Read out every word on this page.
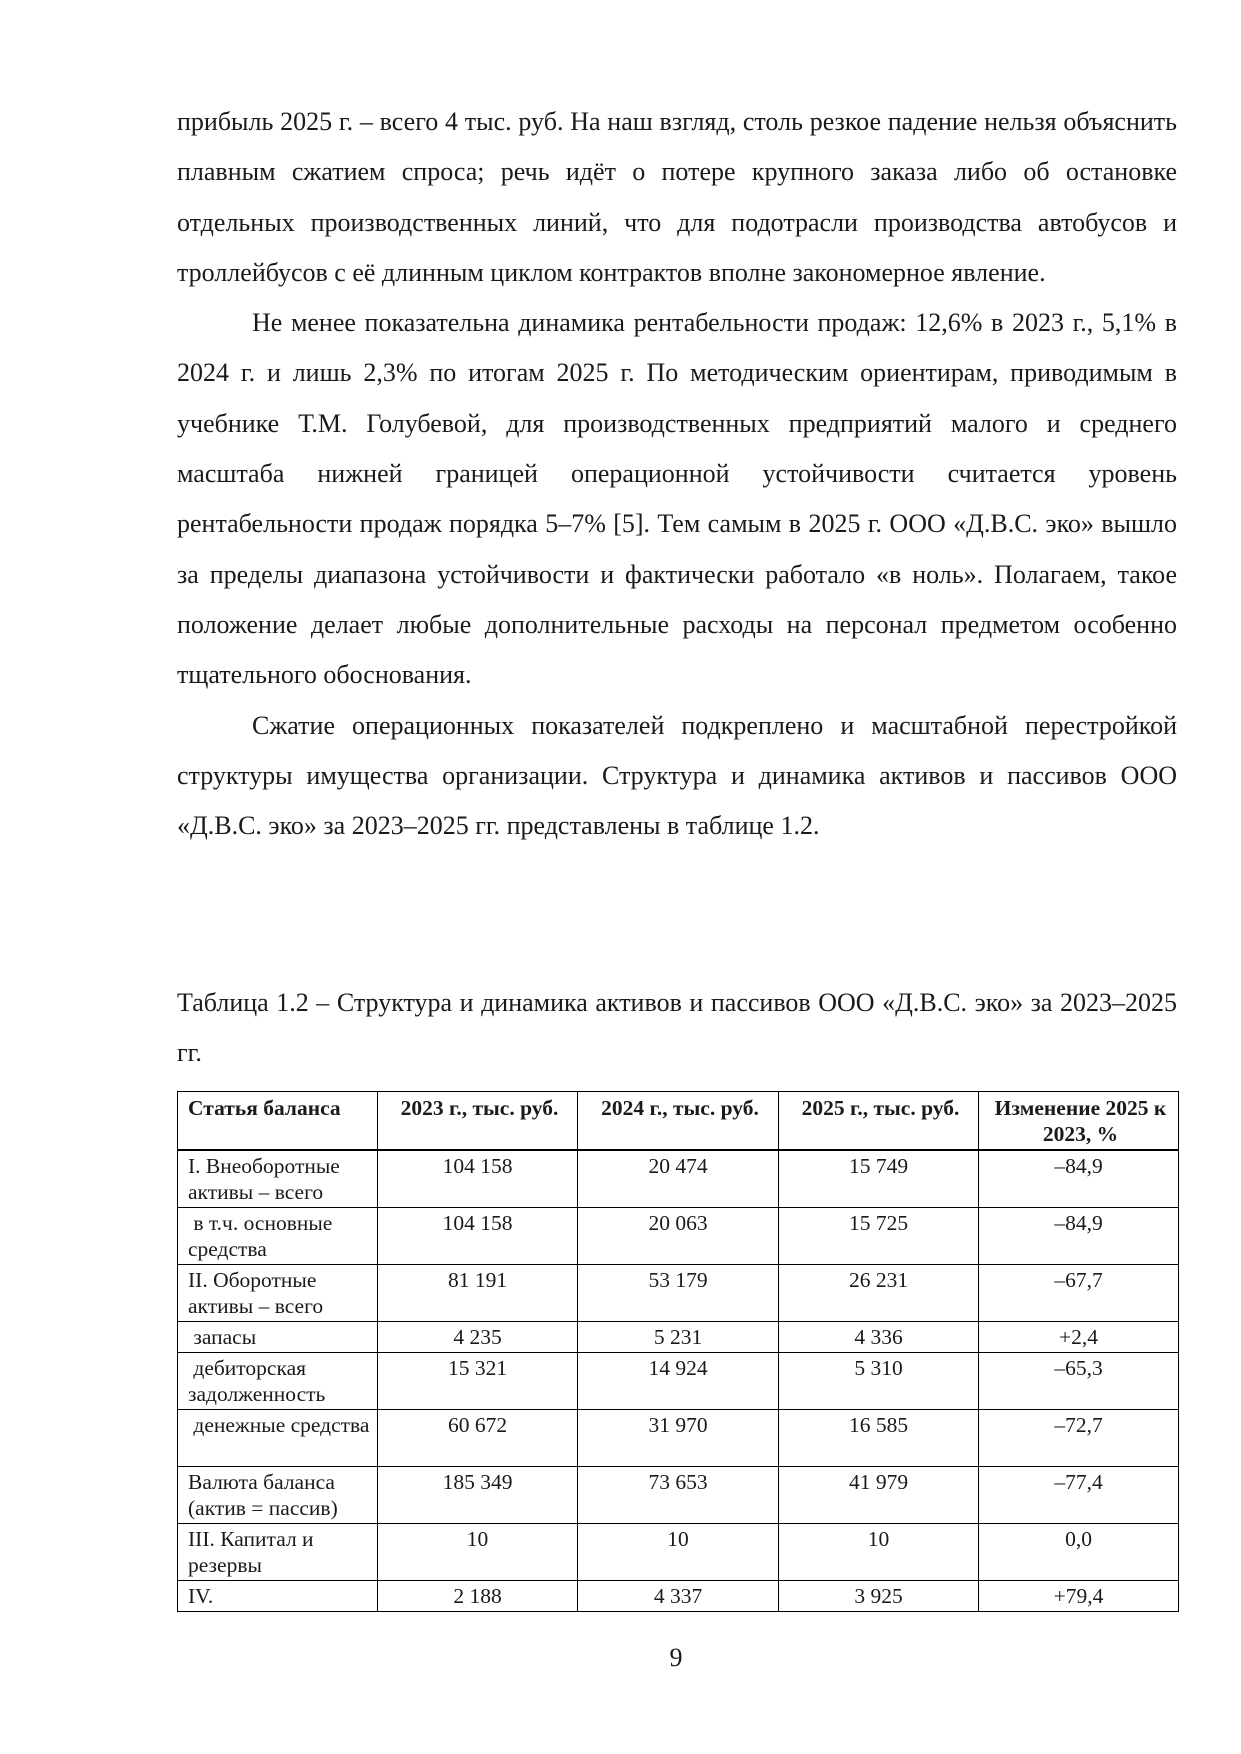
прибыль 2025 г. – всего 4 тыс. руб. На наш взгляд, столь резкое падение нельзя объяснить плавным сжатием спроса; речь идёт о потере крупного заказа либо об остановке отдельных производственных линий, что для подотрасли производства автобусов и троллейбусов с её длинным циклом контрактов вполне закономерное явление.

Не менее показательна динамика рентабельности продаж: 12,6% в 2023 г., 5,1% в 2024 г. и лишь 2,3% по итогам 2025 г. По методическим ориентирам, приводимым в учебнике Т.М. Голубевой, для производственных предприятий малого и среднего масштаба нижней границей операционной устойчивости считается уровень рентабельности продаж порядка 5–7% [5]. Тем самым в 2025 г. ООО «Д.В.С. эко» вышло за пределы диапазона устойчивости и фактически работало «в ноль». Полагаем, такое положение делает любые дополнительные расходы на персонал предметом особенно тщательного обоснования.

Сжатие операционных показателей подкреплено и масштабной перестройкой структуры имущества организации. Структура и динамика активов и пассивов ООО «Д.В.С. эко» за 2023–2025 гг. представлены в таблице 1.2.

Таблица 1.2 – Структура и динамика активов и пассивов ООО «Д.В.С. эко» за 2023–2025 гг.

Статья баланса	2023 г., тыс. руб.	2024 г., тыс. руб.	2025 г., тыс. руб.	Изменение 2025 к 2023, %
I. Внеоборотные активы – всего	104 158	20 474	15 749	–84,9
в т.ч. основные средства	104 158	20 063	15 725	–84,9
II. Оборотные активы – всего	81 191	53 179	26 231	–67,7
запасы	4 235	5 231	4 336	+2,4
дебиторская задолженность	15 321	14 924	5 310	–65,3
денежные средства	60 672	31 970	16 585	–72,7
Валюта баланса (актив = пассив)	185 349	73 653	41 979	–77,4
III. Капитал и резервы	10	10	10	0,0
IV.	2 188	4 337	3 925	+79,4
9
